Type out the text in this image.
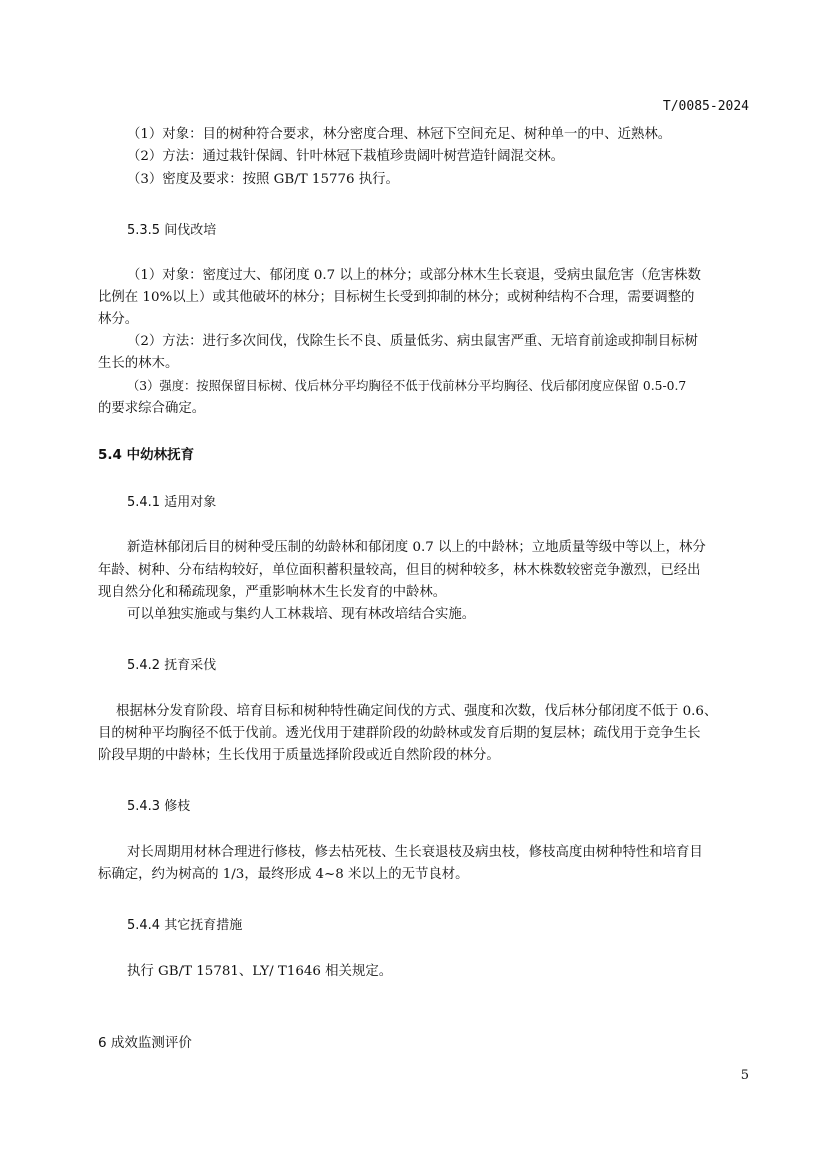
T/0085-2024
（1）对象：目的树种符合要求，林分密度合理、林冠下空间充足、树种单一的中、近熟林。
（2）方法：通过栽针保阔、针叶林冠下栽植珍贵阔叶树营造针阔混交林。
（3）密度及要求：按照 GB/T 15776 执行。
5.3.5 间伐改培
（1）对象：密度过大、郁闭度 0.7 以上的林分；或部分林木生长衰退，受病虫鼠危害（危害株数
比例在 10%以上）或其他破坏的林分；目标树生长受到抑制的林分；或树种结构不合理，需要调整的
林分。
（2）方法：进行多次间伐，伐除生长不良、质量低劣、病虫鼠害严重、无培育前途或抑制目标树
生长的林木。
（3）强度：按照保留目标树、伐后林分平均胸径不低于伐前林分平均胸径、伐后郁闭度应保留 0.5-0.7
的要求综合确定。
5.4 中幼林抚育
5.4.1 适用对象
新造林郁闭后目的树种受压制的幼龄林和郁闭度 0.7 以上的中龄林；立地质量等级中等以上，林分
年龄、树种、分布结构较好，单位面积蓄积量较高，但目的树种较多，林木株数较密竞争激烈，已经出
现自然分化和稀疏现象，严重影响林木生长发育的中龄林。
可以单独实施或与集约人工林栽培、现有林改培结合实施。
5.4.2 抚育采伐
根据林分发育阶段、培育目标和树种特性确定间伐的方式、强度和次数，伐后林分郁闭度不低于 0.6、
目的树种平均胸径不低于伐前。透光伐用于建群阶段的幼龄林或发育后期的复层林；疏伐用于竞争生长
阶段早期的中龄林；生长伐用于质量选择阶段或近自然阶段的林分。
5.4.3 修枝
对长周期用材林合理进行修枝，修去枯死枝、生长衰退枝及病虫枝，修枝高度由树种特性和培育目
标确定，约为树高的 1/3，最终形成 4~8 米以上的无节良材。
5.4.4 其它抚育措施
执行 GB/T 15781、LY/ T1646 相关规定。
6 成效监测评价
5
